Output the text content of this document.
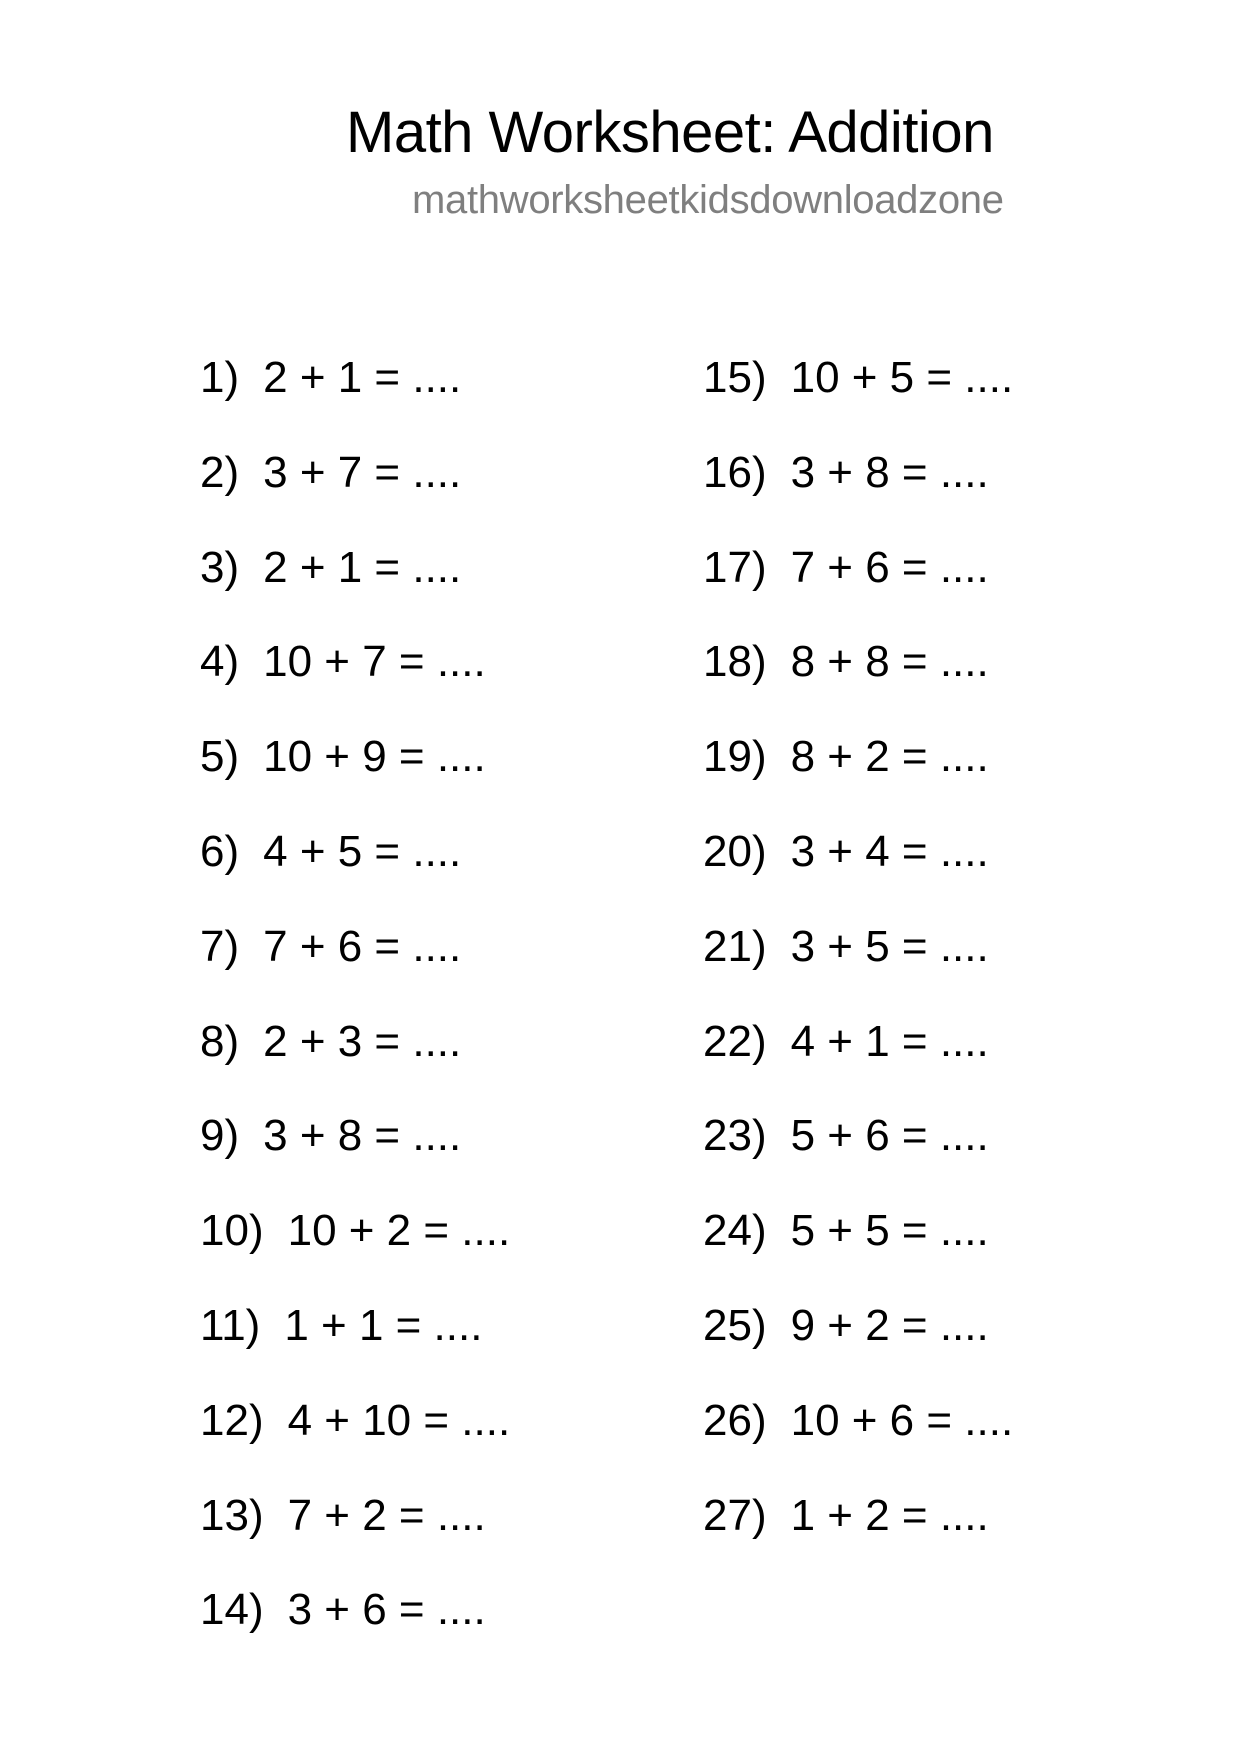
Math Worksheet: Addition
mathworksheetkidsdownloadzone
1) 2 + 1 = ....
2) 3 + 7 = ....
3) 2 + 1 = ....
4) 10 + 7 = ....
5) 10 + 9 = ....
6) 4 + 5 = ....
7) 7 + 6 = ....
8) 2 + 3 = ....
9) 3 + 8 = ....
10) 10 + 2 = ....
11) 1 + 1 = ....
12) 4 + 10 = ....
13) 7 + 2 = ....
14) 3 + 6 = ....
15) 10 + 5 = ....
16) 3 + 8 = ....
17) 7 + 6 = ....
18) 8 + 8 = ....
19) 8 + 2 = ....
20) 3 + 4 = ....
21) 3 + 5 = ....
22) 4 + 1 = ....
23) 5 + 6 = ....
24) 5 + 5 = ....
25) 9 + 2 = ....
26) 10 + 6 = ....
27) 1 + 2 = ....
